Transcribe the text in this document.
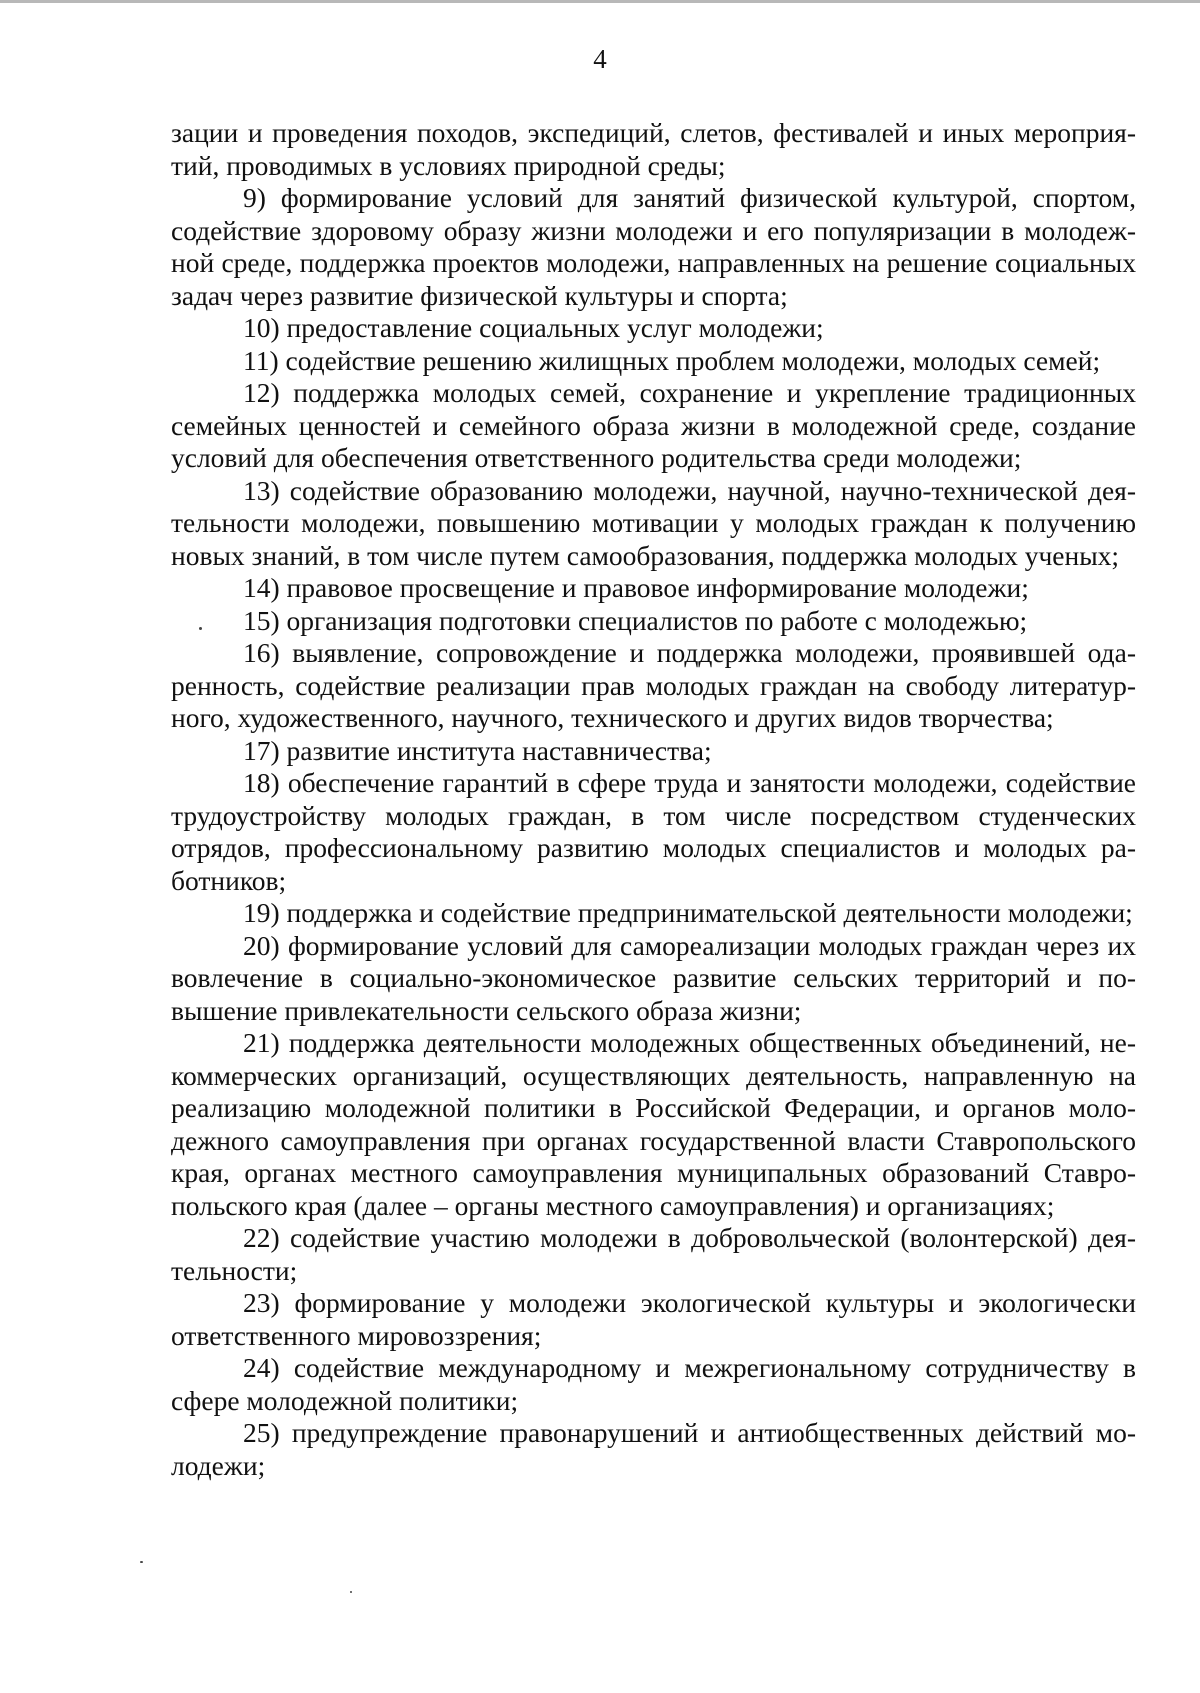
4

зации и проведения походов, экспедиций, слетов, фестивалей и иных мероприятий, проводимых в условиях природной среды;

9) формирование условий для занятий физической культурой, спортом, содействие здоровому образу жизни молодежи и его популяризации в молодежной среде, поддержка проектов молодежи, направленных на решение социальных задач через развитие физической культуры и спорта;

10) предоставление социальных услуг молодежи;

11) содействие решению жилищных проблем молодежи, молодых семей;

12) поддержка молодых семей, сохранение и укрепление традиционных семейных ценностей и семейного образа жизни в молодежной среде, создание условий для обеспечения ответственного родительства среди молодежи;

13) содействие образованию молодежи, научной, научно-технической деятельности молодежи, повышению мотивации у молодых граждан к получению новых знаний, в том числе путем самообразования, поддержка молодых ученых;

14) правовое просвещение и правовое информирование молодежи;

15) организация подготовки специалистов по работе с молодежью;

16) выявление, сопровождение и поддержка молодежи, проявившей одаренность, содействие реализации прав молодых граждан на свободу литературного, художественного, научного, технического и других видов творчества;

17) развитие института наставничества;

18) обеспечение гарантий в сфере труда и занятости молодежи, содействие трудоустройству молодых граждан, в том числе посредством студенческих отрядов, профессиональному развитию молодых специалистов и молодых работников;

19) поддержка и содействие предпринимательской деятельности молодежи;

20) формирование условий для самореализации молодых граждан через их вовлечение в социально-экономическое развитие сельских территорий и повышение привлекательности сельского образа жизни;

21) поддержка деятельности молодежных общественных объединений, некоммерческих организаций, осуществляющих деятельность, направленную на реализацию молодежной политики в Российской Федерации, и органов молодежного самоуправления при органах государственной власти Ставропольского края, органах местного самоуправления муниципальных образований Ставропольского края (далее – органы местного самоуправления) и организациях;

22) содействие участию молодежи в добровольческой (волонтерской) деятельности;

23) формирование у молодежи экологической культуры и экологически ответственного мировоззрения;

24) содействие международному и межрегиональному сотрудничеству в сфере молодежной политики;

25) предупреждение правонарушений и антиобщественных действий молодежи;
